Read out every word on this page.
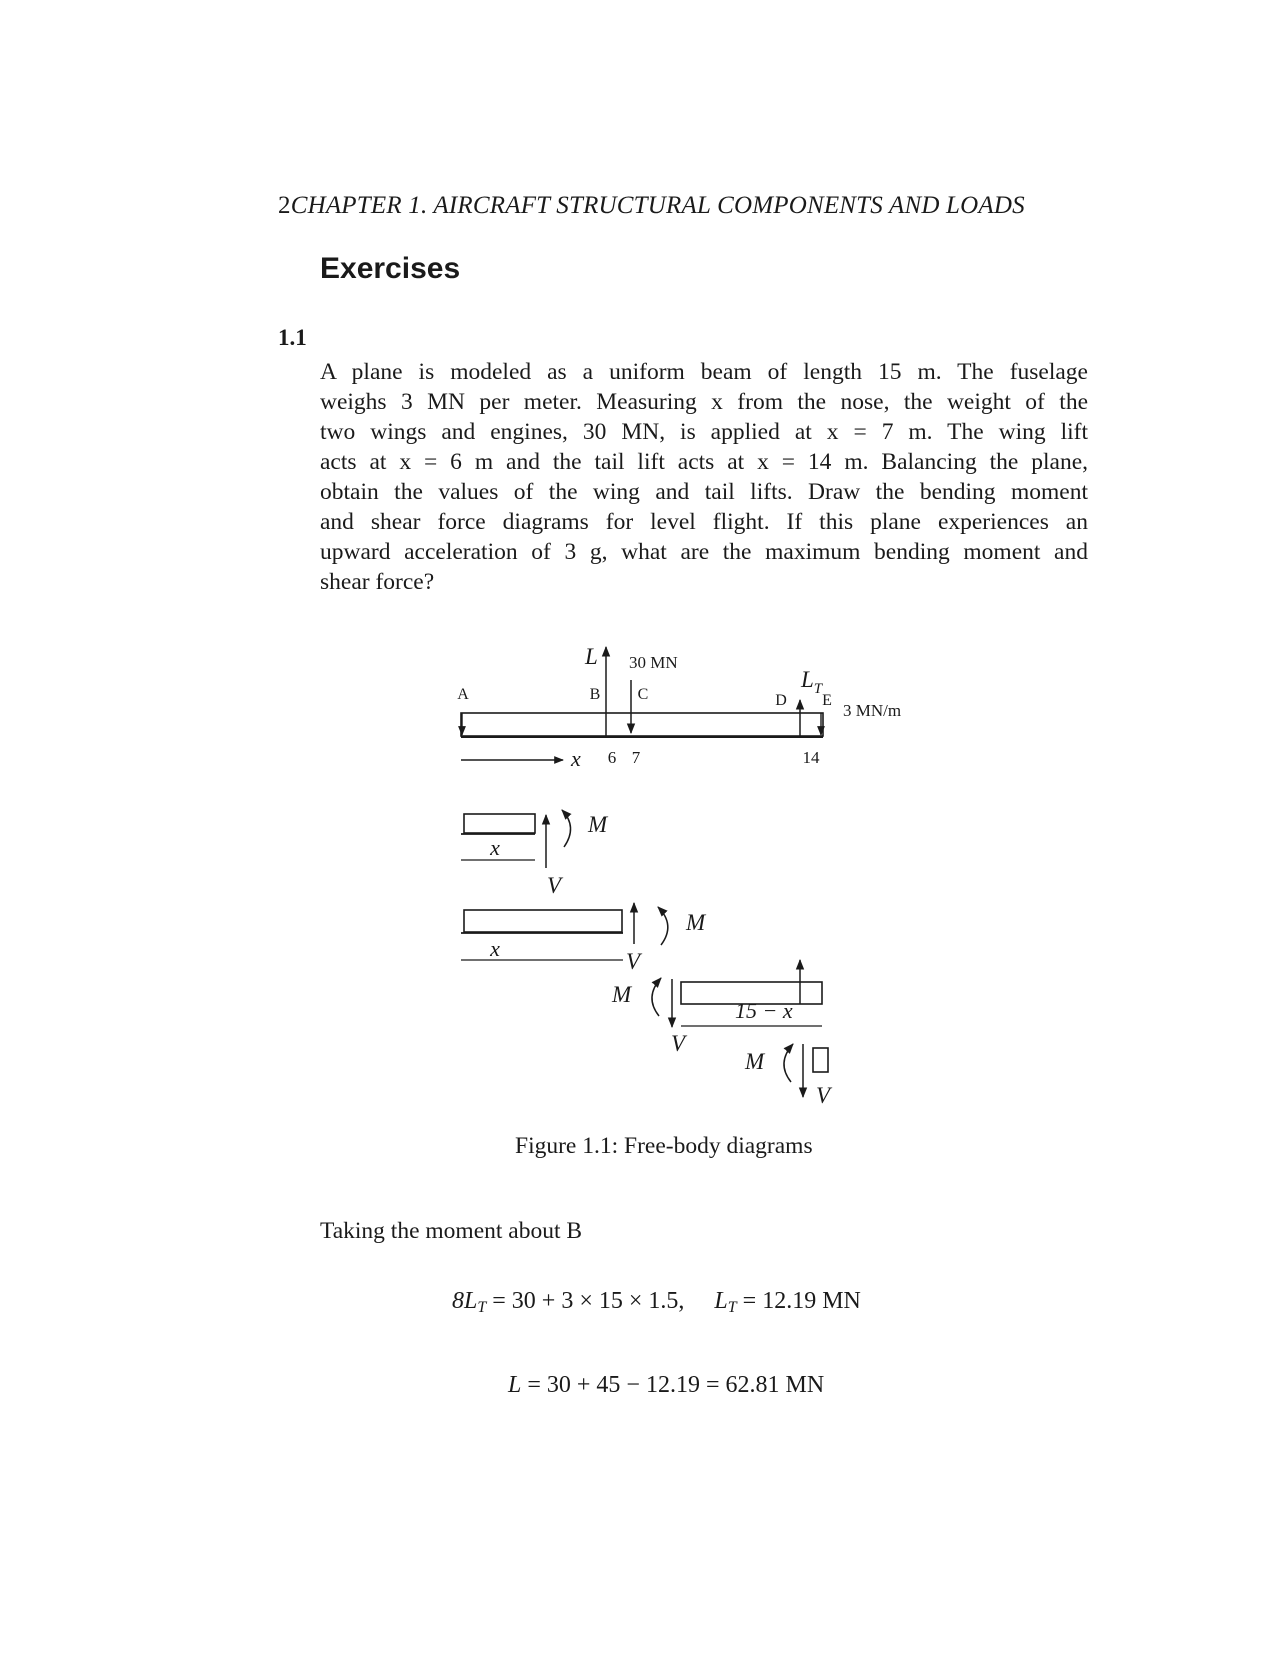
2CHAPTER 1. AIRCRAFT STRUCTURAL COMPONENTS AND LOADS
Exercises
1.1
A plane is modeled as a uniform beam of length 15 m. The fuselage
weighs 3 MN per meter. Measuring x from the nose, the weight of the
two wings and engines, 30 MN, is applied at x = 7 m. The wing lift
acts at x = 6 m and the tail lift acts at x = 14 m. Balancing the plane,
obtain the values of the wing and tail lifts. Draw the bending moment
and shear force diagrams for level flight. If this plane experiences an
upward acceleration of 3 g, what are the maximum bending moment and
shear force?
L 30 MN
A	B C	D E
$L_T$
3 MN/m
x 6 7	14
M
x
V
M
x
V
M
15 − x
V
M
V
Figure 1.1: Free-body diagrams
Taking the moment about B
$8L_T = 30 + 3 \times 15 \times 1.5$, $L_T = 12.19$ MN
L = 30 + 45 − 12.19 = 62.81 MN
